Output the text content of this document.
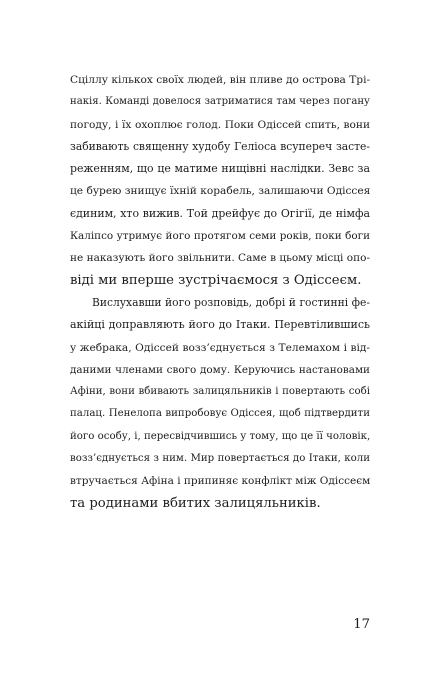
Сціллу кількох своїх людей, він пливе до острова Трі-
накія. Команді довелося затриматися там через погану
погоду, і їх охоплює голод. Поки Одіссей спить, вони
забивають священну худобу Геліоса всупереч засте-
реженням, що це матиме нищівні наслідки. Зевс за
це бурею знищує їхній корабель, залишаючи Одіссея
єдиним, хто вижив. Той дрейфує до Огігії, де німфа
Каліпсо утримує його протягом семи років, поки боги
не наказують його звільнити. Саме в цьому місці опо-
віді ми вперше зустрічаємося з Одіссеєм.
Вислухавши його розповідь, добрі й гостинні фе-
акійці доправляють його до Ітаки. Перевтілившись
у жебрака, Одіссей возз’єднується з Телемахом і від-
даними членами свого дому. Керуючись настановами
Афіни, вони вбивають залицяльників і повертають собі
палац. Пенелопа випробовує Одіссея, щоб підтвердити
його особу, і, пересвідчившись у тому, що це її чоловік,
возз’єднується з ним. Мир повертається до Ітаки, коли
втручається Афіна і припиняє конфлікт між Одіссеєм
та родинами вбитих залицяльників.
17
